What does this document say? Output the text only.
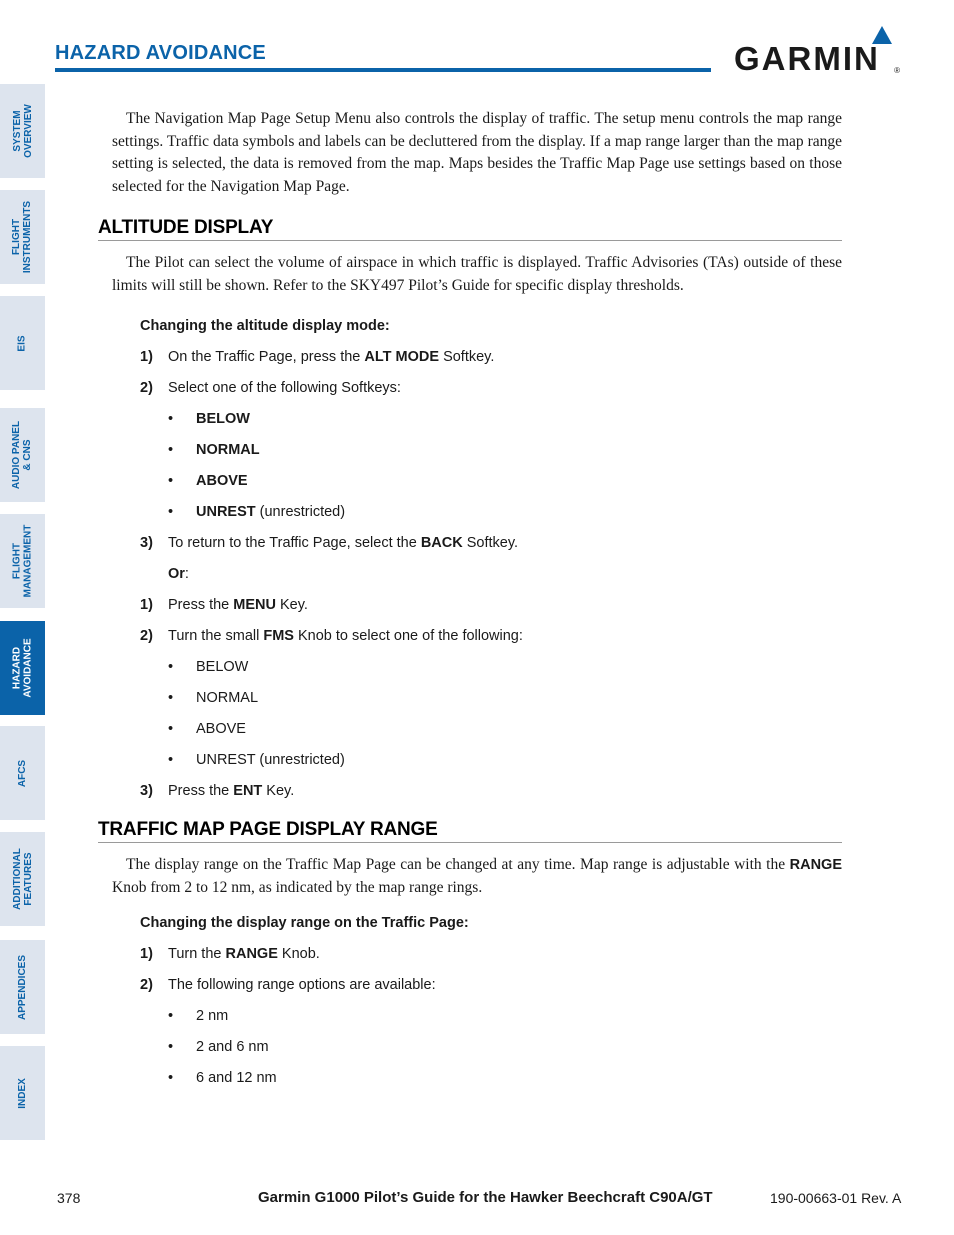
HAZARD AVOIDANCE	GARMIN ®
SYSTEM
OVERVIEW
FLIGHT
INSTRUMENTS
EIS
AUDIO PANEL
& CNS
FLIGHT
MANAGEMENT
HAZARD
AVOIDANCE
AFCS
ADDITIONAL
FEATURES
APPENDICES
INDEX

The Navigation Map Page Setup Menu also controls the display of traffic. The setup menu controls the map range settings. Traffic data symbols and labels can be decluttered from the display. If a map range larger than the map range setting is selected, the data is removed from the map. Maps besides the Traffic Map Page use settings based on those selected for the Navigation Map Page.

ALTITUDE DISPLAY

The Pilot can select the volume of airspace in which traffic is displayed. Traffic Advisories (TAs) outside of these limits will still be shown. Refer to the SKY497 Pilot’s Guide for specific display thresholds.

Changing the altitude display mode:
1)	On the Traffic Page, press the ALT MODE Softkey.
2)	Select one of the following Softkeys:
•	BELOW
•	NORMAL
•	ABOVE
•	UNREST (unrestricted)
3)	To return to the Traffic Page, select the BACK Softkey.
Or:
1)	Press the MENU Key.
2)	Turn the small FMS Knob to select one of the following:
•	BELOW
•	NORMAL
•	ABOVE
•	UNREST (unrestricted)
3)	Press the ENT Key.
TRAFFIC MAP PAGE DISPLAY RANGE

The display range on the Traffic Map Page can be changed at any time. Map range is adjustable with the RANGE Knob from 2 to 12 nm, as indicated by the map range rings.

Changing the display range on the Traffic Page:
1)	Turn the RANGE Knob.
2)	The following range options are available:
•	2 nm
•	2 and 6 nm
•	6 and 12 nm
378	Garmin G1000 Pilot’s Guide for the Hawker Beechcraft C90A/GT	190-00663-01 Rev. A
